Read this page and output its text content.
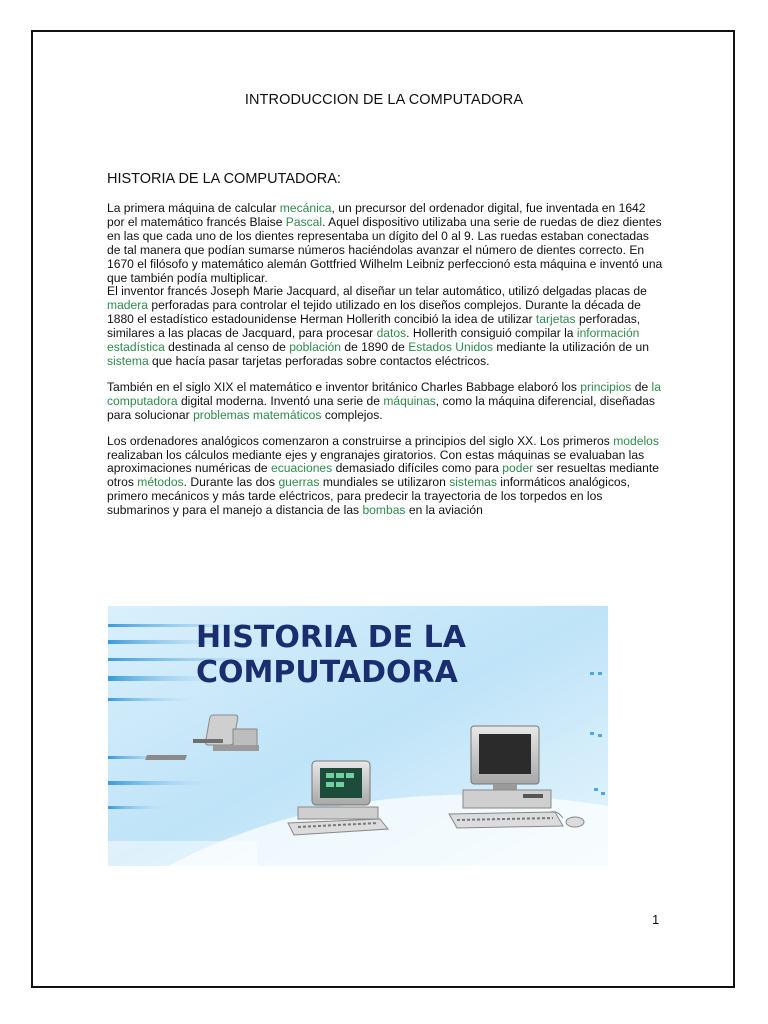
INTRODUCCION DE LA COMPUTADORA
HISTORIA DE LA COMPUTADORA:

La primera máquina de calcular mecánica, un precursor del ordenador digital, fue inventada en 1642 por el matemático francés Blaise Pascal. Aquel dispositivo utilizaba una serie de ruedas de diez dientes en las que cada uno de los dientes representaba un dígito del 0 al 9. Las ruedas estaban conectadas de tal manera que podían sumarse números haciéndolas avanzar el número de dientes correcto. En 1670 el filósofo y matemático alemán Gottfried Wilhelm Leibniz perfeccionó esta máquina e inventó una que también podía multiplicar.

El inventor francés Joseph Marie Jacquard, al diseñar un telar automático, utilizó delgadas placas de madera perforadas para controlar el tejido utilizado en los diseños complejos. Durante la década de 1880 el estadístico estadounidense Herman Hollerith concibió la idea de utilizar tarjetas perforadas, similares a las placas de Jacquard, para procesar datos. Hollerith consiguió compilar la información estadística destinada al censo de población de 1890 de Estados Unidos mediante la utilización de un sistema que hacía pasar tarjetas perforadas sobre contactos eléctricos.

También en el siglo XIX el matemático e inventor británico Charles Babbage elaboró los principios de la computadora digital moderna. Inventó una serie de máquinas, como la máquina diferencial, diseñadas para solucionar problemas matemáticos complejos.

Los ordenadores analógicos comenzaron a construirse a principios del siglo XX. Los primeros modelos realizaban los cálculos mediante ejes y engranajes giratorios. Con estas máquinas se evaluaban las aproximaciones numéricas de ecuaciones demasiado difíciles como para poder ser resueltas mediante otros métodos. Durante las dos guerras mundiales se utilizaron sistemas informáticos analógicos, primero mecánicos y más tarde eléctricos, para predecir la trayectoria de los torpedos en los submarinos y para el manejo a distancia de las bombas en la aviación

HISTORIA DE LA
COMPUTADORA
1
